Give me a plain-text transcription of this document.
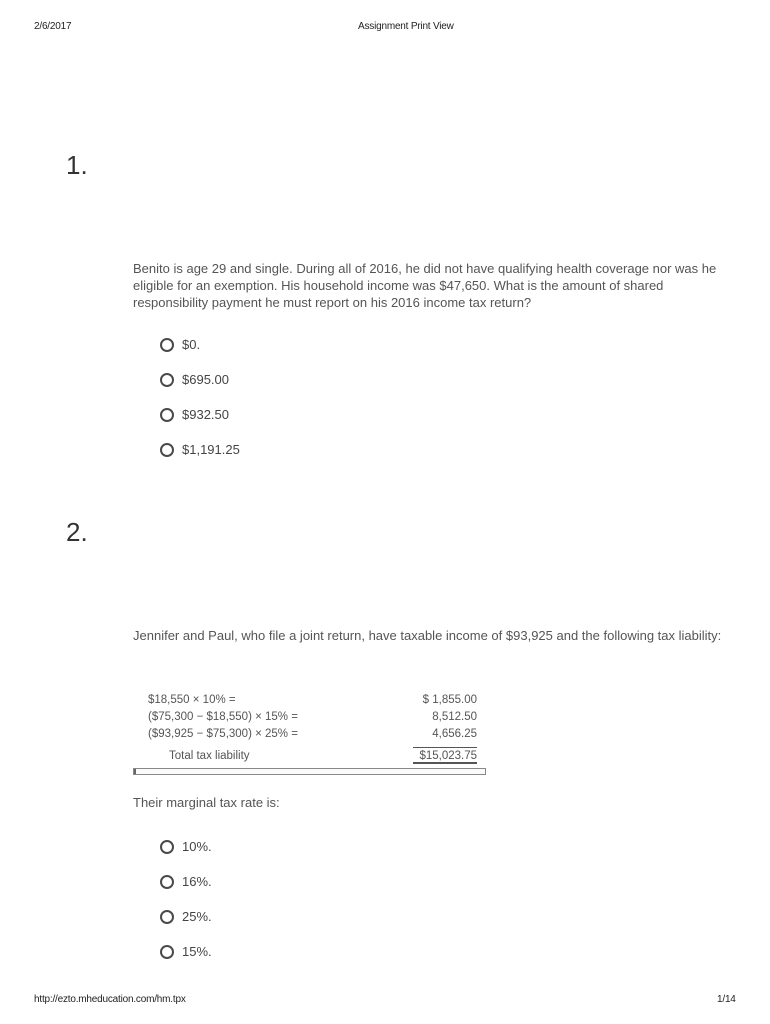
2/6/2017	Assignment Print View
1.
Benito is age 29 and single. During all of 2016, he did not have qualifying health coverage nor was he eligible for an exemption. His household income was $47,650. What is the amount of shared responsibility payment he must report on his 2016 income tax return?
$0.
$695.00
$932.50
$1,191.25
2.
Jennifer and Paul, who file a joint return, have taxable income of $93,925 and the following tax liability:
$18,550 × 10% =	$ 1,855.00
($75,300 − $18,550) × 15% =	8,512.50
($93,925 − $75,300) × 25% =	4,656.25
Total tax liability	$15,023.75
Their marginal tax rate is:
10%.
16%.
25%.
15%.
http://ezto.mheducation.com/hm.tpx	1/14
